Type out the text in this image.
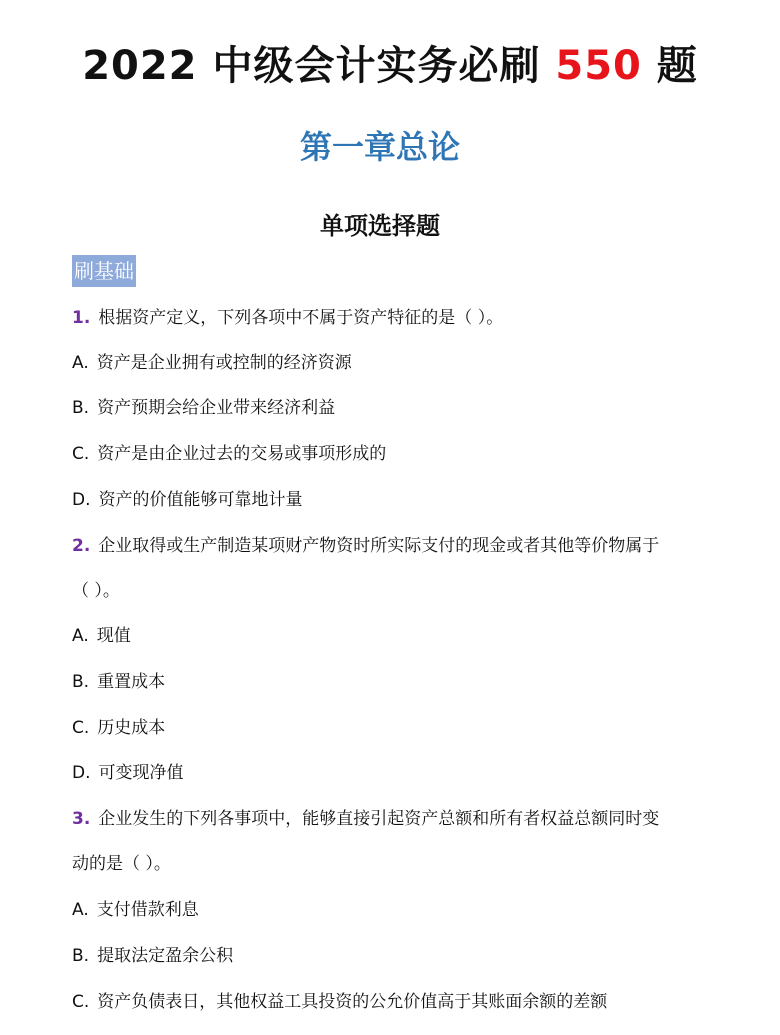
2022 中级会计实务必刷 550 题
第一章总论
单项选择题
刷基础
1. 根据资产定义，下列各项中不属于资产特征的是（ ）。
A. 资产是企业拥有或控制的经济资源
B. 资产预期会给企业带来经济利益
C. 资产是由企业过去的交易或事项形成的
D. 资产的价值能够可靠地计量
2. 企业取得或生产制造某项财产物资时所实际支付的现金或者其他等价物属于
（ ）。
A. 现值
B. 重置成本
C. 历史成本
D. 可变现净值
3. 企业发生的下列各事项中，能够直接引起资产总额和所有者权益总额同时变
动的是（ ）。
A. 支付借款利息
B. 提取法定盈余公积
C. 资产负债表日，其他权益工具投资的公允价值高于其账面余额的差额
